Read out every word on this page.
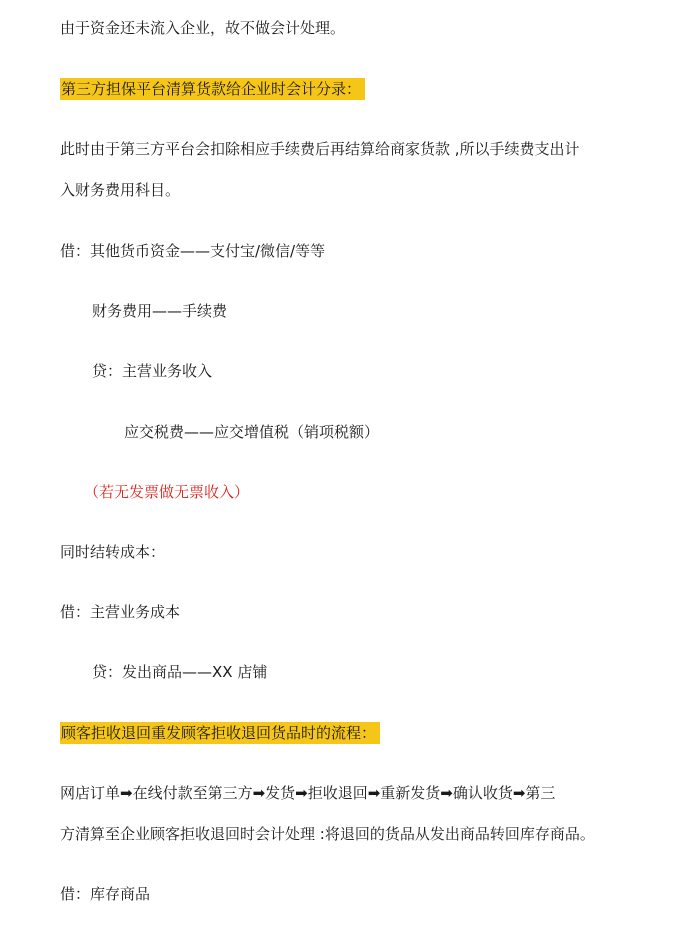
由于资金还未流入企业，故不做会计处理。
第三方担保平台清算货款给企业时会计分录：
此时由于第三方平台会扣除相应手续费后再结算给商家货款 ,所以手续费支出计
入财务费用科目。
借：其他货币资金——支付宝/微信/等等
财务费用——手续费
贷：主营业务收入
应交税费——应交增值税（销项税额）
（若无发票做无票收入）
同时结转成本：
借：主营业务成本
贷：发出商品——XX 店铺
顾客拒收退回重发顾客拒收退回货品时的流程：
网店订单➡在线付款至第三方➡发货➡拒收退回➡重新发货➡确认收货➡第三
方清算至企业顾客拒收退回时会计处理 :将退回的货品从发出商品转回库存商品。
借：库存商品
